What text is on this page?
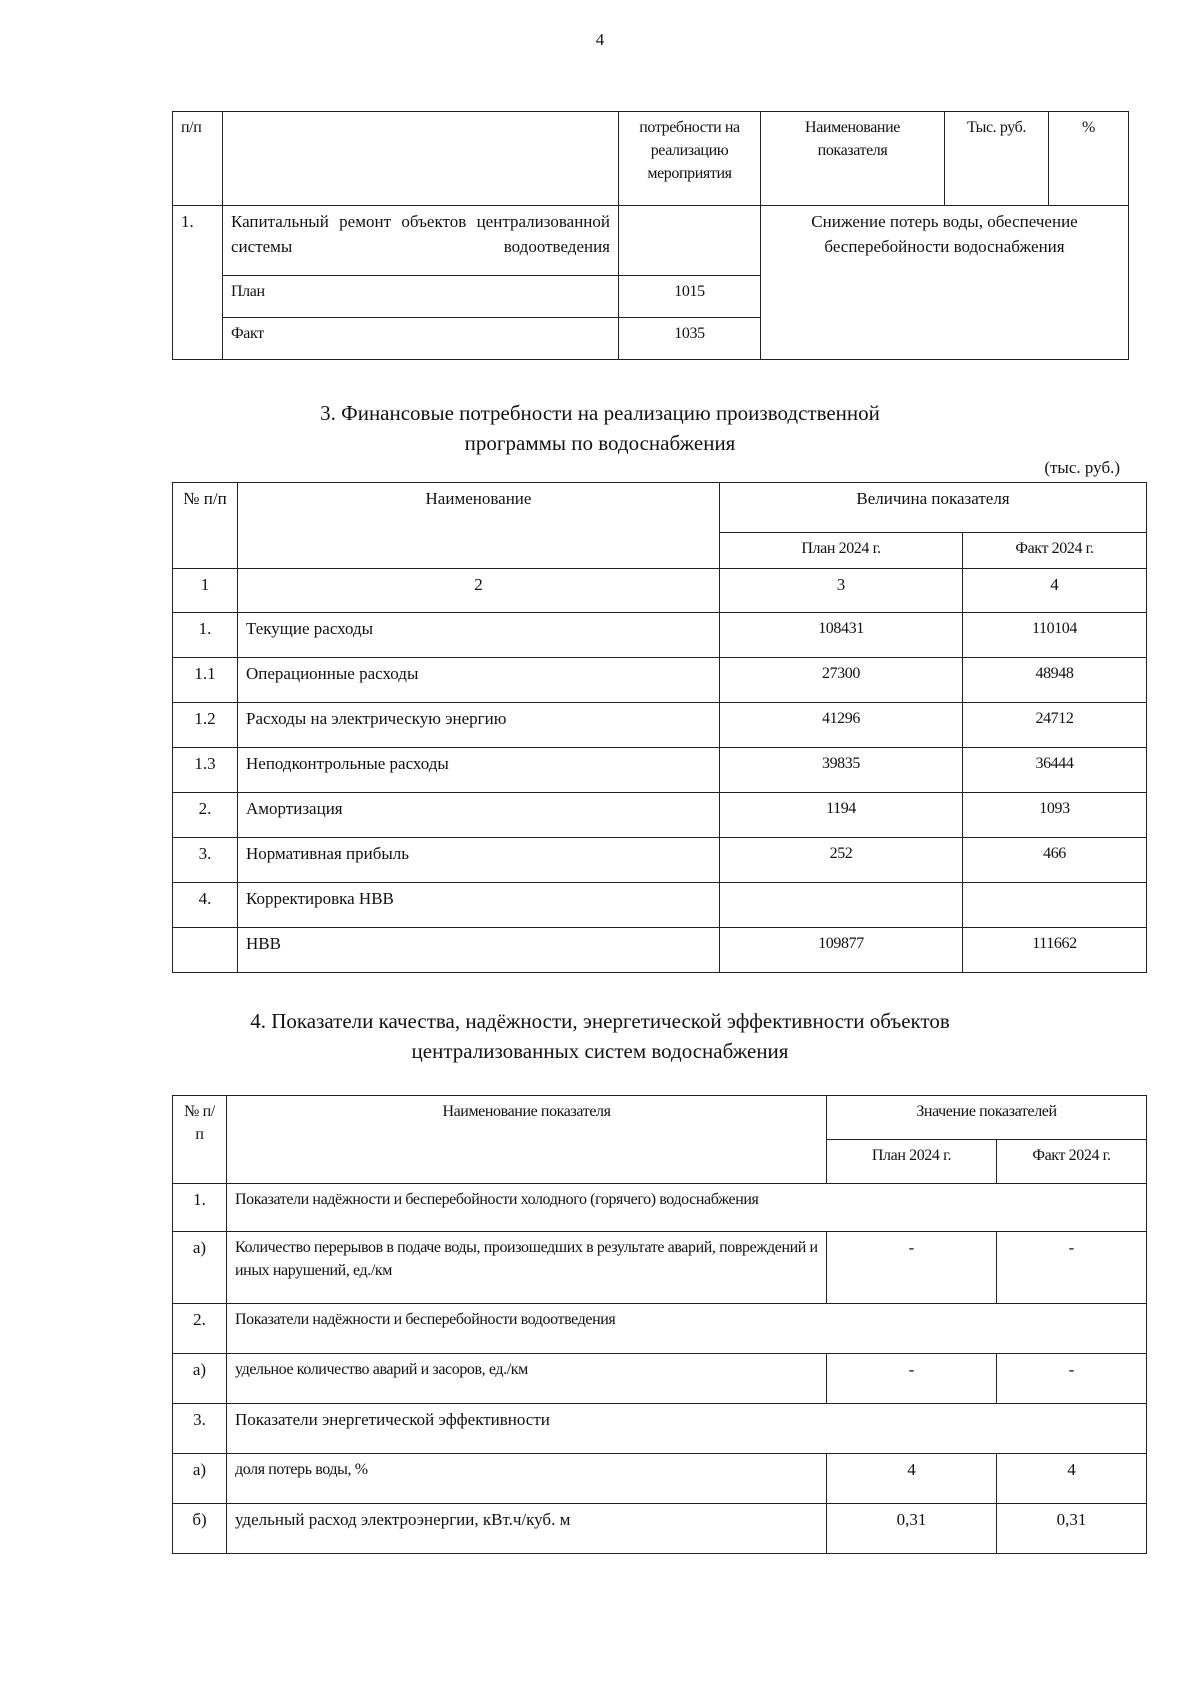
4
п/п		потребности на реализацию мероприятия	Наименование показателя	Тыс. руб.	%
1.	Капитальный ремонт объектов централизованной системы водоотведения		Снижение потерь воды, обеспечение бесперебойности водоснабжения		
	План	1015			
	Факт	1035			
3. Финансовые потребности на реализацию производственной
программы по водоснабжения
(тыс. руб.)
№ п/п	Наименование	Величина показателя	
		План 2024 г.	Факт 2024 г.
1	2	3	4
1.	Текущие расходы	108431	110104
1.1	Операционные расходы	27300	48948
1.2	Расходы на электрическую энергию	41296	24712
1.3	Неподконтрольные расходы	39835	36444
2.	Амортизация	1194	1093
3.	Нормативная прибыль	252	466
4.	Корректировка НВВ		
	НВВ	109877	111662
4. Показатели качества, надёжности, энергетической эффективности объектов
централизованных систем водоснабжения
№ п/п	Наименование показателя	Значение показателей	
		План 2024 г.	Факт 2024 г.
1.	Показатели надёжности и бесперебойности холодного (горячего) водоснабжения		
а)	Количество перерывов в подаче воды, произошедших в результате аварий, повреждений и иных нарушений, ед./км	-	-
2.	Показатели надёжности и бесперебойности водоотведения		
а)	удельное количество аварий и засоров, ед./км	-	-
3.	Показатели энергетической эффективности		
а)	доля потерь воды, %	4	4
б)	удельный расход электроэнергии, кВт.ч/куб. м	0,31	0,31
